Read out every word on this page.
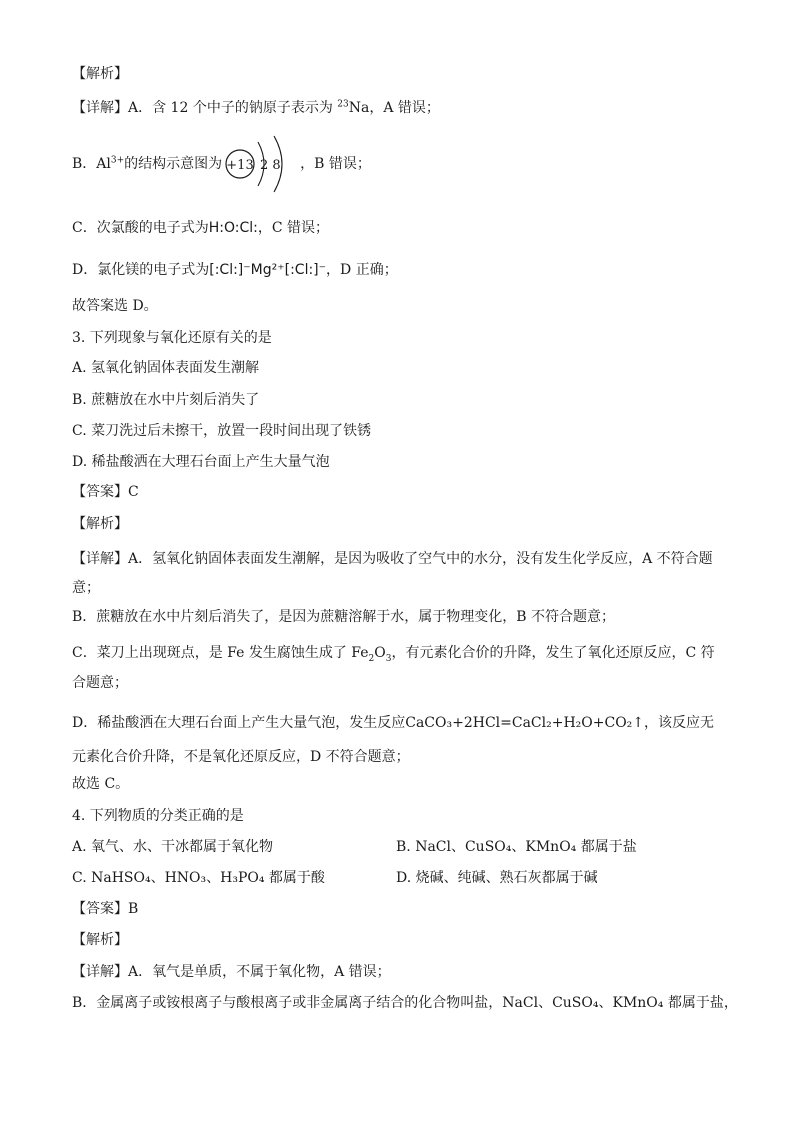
【解析】
【详解】A．含 12 个中子的钠原子表示为 $^{23}$Na，A 错误；
B．$Al^{3+}$的结构示意图为 +13 2 8 ，B 错误；
C．次氯酸的电子式为H:O:Cl:，C 错误；
D．氯化镁的电子式为[:Cl:]⁻Mg²⁺[:Cl:]⁻，D 正确；
故答案选 D。
3. 下列现象与氧化还原有关的是
A. 氢氧化钠固体表面发生潮解
B. 蔗糖放在水中片刻后消失了
C. 菜刀洗过后未擦干，放置一段时间出现了铁锈
D. 稀盐酸洒在大理石台面上产生大量气泡
【答案】C
【解析】
【详解】A．氢氧化钠固体表面发生潮解，是因为吸收了空气中的水分，没有发生化学反应，A 不符合题意；
B．蔗糖放在水中片刻后消失了，是因为蔗糖溶解于水，属于物理变化，B 不符合题意；
C．菜刀上出现斑点，是 Fe 发生腐蚀生成了 $Fe_2O_3$，有元素化合价的升降，发生了氧化还原反应，C 符合题意；
D．稀盐酸洒在大理石台面上产生大量气泡，发生反应CaCO₃+2HCl=CaCl₂+H₂O+CO₂↑，该反应无元素化合价升降，不是氧化还原反应，D 不符合题意；
故选 C。
4. 下列物质的分类正确的是
A. 氧气、水、干冰都属于氧化物	B. NaCl、CuSO₄、KMnO₄ 都属于盐
C. NaHSO₄、HNO₃、H₃PO₄ 都属于酸	D. 烧碱、纯碱、熟石灰都属于碱
【答案】B
【解析】
【详解】A．氧气是单质，不属于氧化物，A 错误；
B．金属离子或铵根离子与酸根离子或非金属离子结合的化合物叫盐，NaCl、CuSO₄、KMnO₄ 都属于盐，
